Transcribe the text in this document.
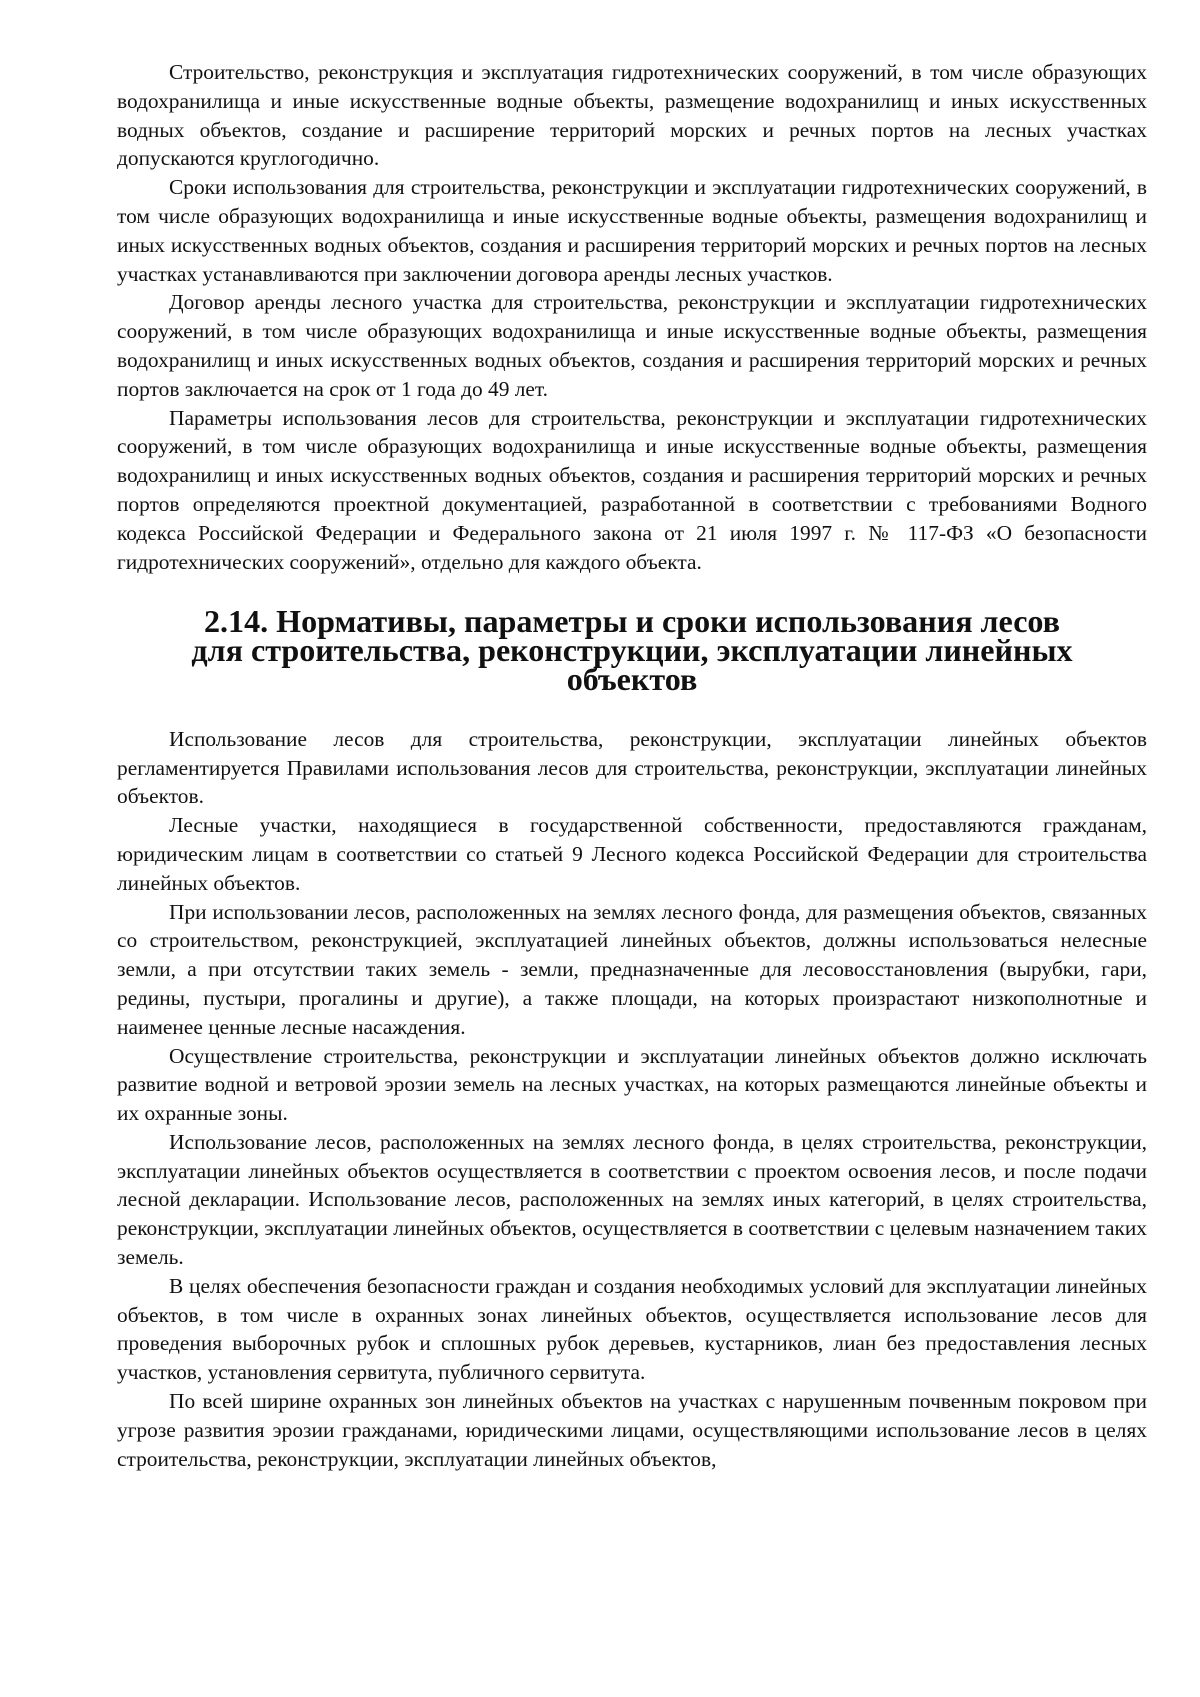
Строительство, реконструкция и эксплуатация гидротехнических сооружений, в том числе образующих водохранилища и иные искусственные водные объекты, размещение водохранилищ и иных искусственных водных объектов, создание и расширение территорий морских и речных портов на лесных участках допускаются круглогодично.

Сроки использования для строительства, реконструкции и эксплуатации гидротехнических сооружений, в том числе образующих водохранилища и иные искусственные водные объекты, размещения водохранилищ и иных искусственных водных объектов, создания и расширения территорий морских и речных портов на лесных участках устанавливаются при заключении договора аренды лесных участков.

Договор аренды лесного участка для строительства, реконструкции и эксплуатации гидротехнических сооружений, в том числе образующих водохранилища и иные искусственные водные объекты, размещения водохранилищ и иных искусственных водных объектов, создания и расширения территорий морских и речных портов заключается на срок от 1 года до 49 лет.

Параметры использования лесов для строительства, реконструкции и эксплуатации гидротехнических сооружений, в том числе образующих водохранилища и иные искусственные водные объекты, размещения водохранилищ и иных искусственных водных объектов, создания и расширения территорий морских и речных портов определяются проектной документацией, разработанной в соответствии с требованиями Водного кодекса Российской Федерации и Федерального закона от 21 июля 1997 г. № 117-ФЗ «О безопасности гидротехнических сооружений», отдельно для каждого объекта.

2.14. Нормативы, параметры и сроки использования лесов
для строительства, реконструкции, эксплуатации линейных
объектов

Использование лесов для строительства, реконструкции, эксплуатации линейных объектов регламентируется Правилами использования лесов для строительства, реконструкции, эксплуатации линейных объектов.

Лесные участки, находящиеся в государственной собственности, предоставляются гражданам, юридическим лицам в соответствии со статьей 9 Лесного кодекса Российской Федерации для строительства линейных объектов.

При использовании лесов, расположенных на землях лесного фонда, для размещения объектов, связанных со строительством, реконструкцией, эксплуатацией линейных объектов, должны использоваться нелесные земли, а при отсутствии таких земель - земли, предназначенные для лесовосстановления (вырубки, гари, редины, пустыри, прогалины и другие), а также площади, на которых произрастают низкополнотные и наименее ценные лесные насаждения.

Осуществление строительства, реконструкции и эксплуатации линейных объектов должно исключать развитие водной и ветровой эрозии земель на лесных участках, на которых размещаются линейные объекты и их охранные зоны.

Использование лесов, расположенных на землях лесного фонда, в целях строительства, реконструкции, эксплуатации линейных объектов осуществляется в соответствии с проектом освоения лесов, и после подачи лесной декларации. Использование лесов, расположенных на землях иных категорий, в целях строительства, реконструкции, эксплуатации линейных объектов, осуществляется в соответствии с целевым назначением таких земель.

В целях обеспечения безопасности граждан и создания необходимых условий для эксплуатации линейных объектов, в том числе в охранных зонах линейных объектов, осуществляется использование лесов для проведения выборочных рубок и сплошных рубок деревьев, кустарников, лиан без предоставления лесных участков, установления сервитута, публичного сервитута.

По всей ширине охранных зон линейных объектов на участках с нарушенным почвенным покровом при угрозе развития эрозии гражданами, юридическими лицами, осуществляющими использование лесов в целях строительства, реконструкции, эксплуатации линейных объектов,
